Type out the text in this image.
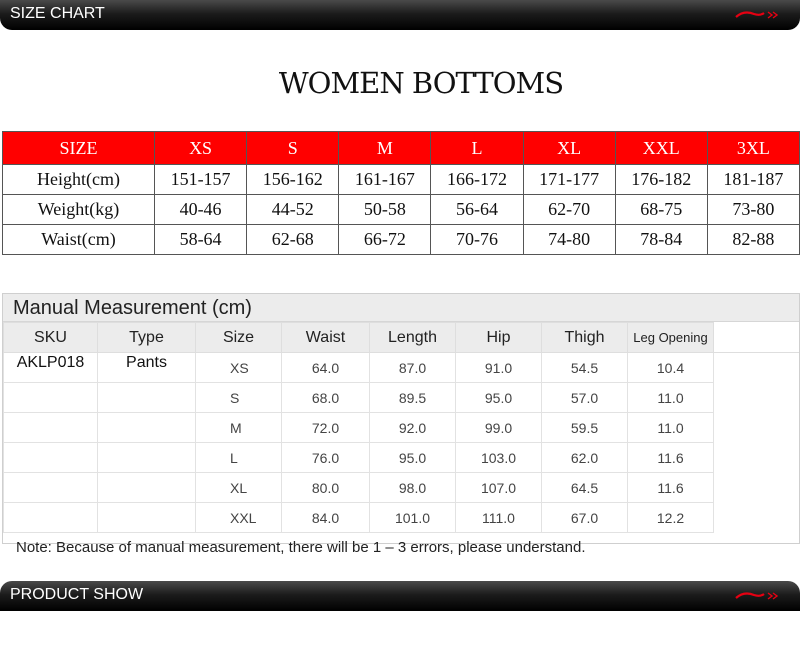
SIZE CHART
WOMEN BOTTOMS
SIZE	XS	S	M	L	XL	XXL	3XL
Height(cm)	151-157	156-162	161-167	166-172	171-177	176-182	181-187
Weight(kg)	40-46	44-52	50-58	56-64	62-70	68-75	73-80
Waist(cm)	58-64	62-68	66-72	70-76	74-80	78-84	82-88
Manual Measurement (cm)
SKU	Type	Size	Waist	Length	Hip	Thigh	Leg Opening	
AKLP018	Pants	XS	64.0	87.0	91.0	54.5	10.4	
		S	68.0	89.5	95.0	57.0	11.0	
		M	72.0	92.0	99.0	59.5	11.0	
		L	76.0	95.0	103.0	62.0	11.6	
		XL	80.0	98.0	107.0	64.5	11.6	
		XXL	84.0	101.0	111.0	67.0	12.2	
Note: Because of manual measurement, there will be 1 – 3 errors, please understand.
PRODUCT SHOW
